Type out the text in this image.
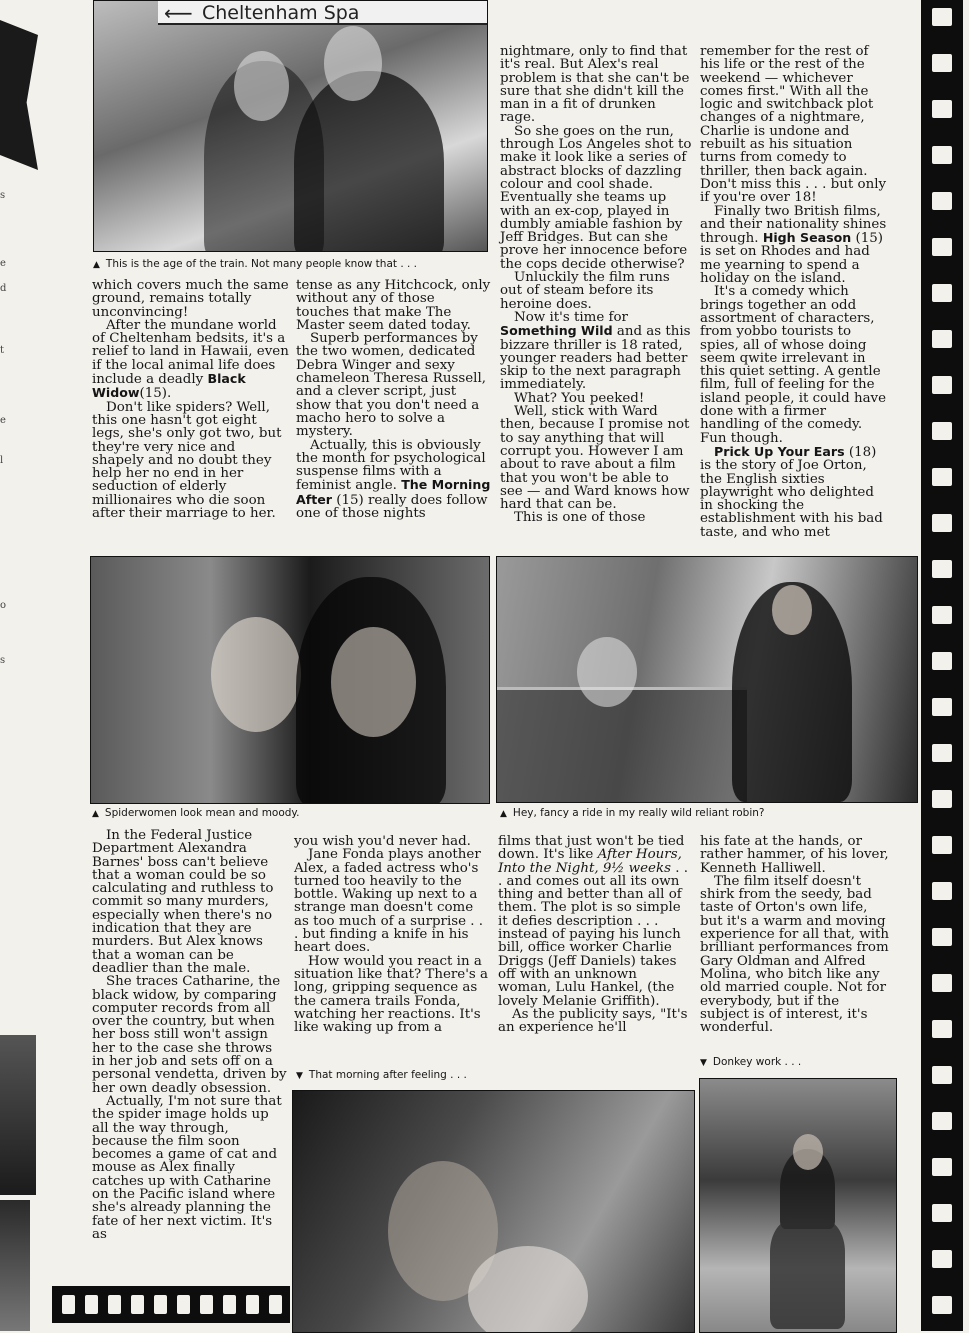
s
e
d
t
e
l
o
s
⟵ Cheltenham Spa
▲ This is the age of the train. Not many people know that . . .

which covers much the same ground, remains totally unconvincing!

After the mundane world of Cheltenham bedsits, it's a relief to land in Hawaii, even if the local animal life does include a deadly Black Widow(15).

Don't like spiders? Well, this one hasn't got eight legs, she's only got two, but they're very nice and shapely and no doubt they help her no end in her seduction of elderly millionaires who die soon after their marriage to her.

tense as any Hitchcock, only without any of those touches that make The Master seem dated today.

Superb performances by the two women, dedicated Debra Winger and sexy chameleon Theresa Russell, and a clever script, just show that you don't need a macho hero to solve a mystery.

Actually, this is obviously the month for psychological suspense films with a feminist angle. The Morning After (15) really does follow one of those nights

nightmare, only to find that it's real. But Alex's real problem is that she can't be sure that she didn't kill the man in a fit of drunken rage.

So she goes on the run, through Los Angeles shot to make it look like a series of abstract blocks of dazzling colour and cool shade. Eventually she teams up with an ex-cop, played in dumbly amiable fashion by Jeff Bridges. But can she prove her innocence before the cops decide otherwise?

Unluckily the film runs out of steam before its heroine does.

Now it's time for Something Wild and as this bizzare thriller is 18 rated, younger readers had better skip to the next paragraph immediately.

What? You peeked!

Well, stick with Ward then, because I promise not to say anything that will corrupt you. However I am about to rave about a film that you won't be able to see — and Ward knows how hard that can be.

This is one of those

remember for the rest of his life or the rest of the weekend — whichever comes first." With all the logic and switchback plot changes of a nightmare, Charlie is undone and rebuilt as his situation turns from comedy to thriller, then back again. Don't miss this . . . but only if you're over 18!

Finally two British films, and their nationality shines through. High Season (15) is set on Rhodes and had me yearning to spend a holiday on the island.

It's a comedy which brings together an odd assortment of characters, from yobbo tourists to spies, all of whose doing seem qwite irrelevant in this quiet setting. A gentle film, full of feeling for the island people, it could have done with a firmer handling of the comedy. Fun though.

Prick Up Your Ears (18) is the story of Joe Orton, the English sixties playwright who delighted in shocking the establishment with his bad taste, and who met

▲ Spiderwomen look mean and moody.	▲ Hey, fancy a ride in my really wild reliant robin?

In the Federal Justice Department Alexandra Barnes' boss can't believe that a woman could be so calculating and ruthless to commit so many murders, especially when there's no indication that they are murders. But Alex knows that a woman can be deadlier than the male.

She traces Catharine, the black widow, by comparing computer records from all over the country, but when her boss still won't assign her to the case she throws in her job and sets off on a personal vendetta, driven by her own deadly obsession.

Actually, I'm not sure that the spider image holds up all the way through, because the film soon becomes a game of cat and mouse as Alex finally catches up with Catharine on the Pacific island where she's already planning the fate of her next victim. It's as

you wish you'd never had.

Jane Fonda plays another Alex, a faded actress who's turned too heavily to the bottle. Waking up next to a strange man doesn't come as too much of a surprise . . . but finding a knife in his heart does.

How would you react in a situation like that? There's a long, gripping sequence as the camera trails Fonda, watching her reactions. It's like waking up from a

▼ That morning after feeling . . .

films that just won't be tied down. It's like After Hours, Into the Night, 9½ weeks . . . and comes out all its own thing and better than all of them. The plot is so simple it defies description . . . instead of paying his lunch bill, office worker Charlie Driggs (Jeff Daniels) takes off with an unknown woman, Lulu Hankel, (the lovely Melanie Griffith).

As the publicity says, "It's an experience he'll

his fate at the hands, or rather hammer, of his lover, Kenneth Halliwell.

The film itself doesn't shirk from the seedy, bad taste of Orton's own life, but it's a warm and moving experience for all that, with brilliant performances from Gary Oldman and Alfred Molina, who bitch like any old married couple. Not for everybody, but if the subject is of interest, it's wonderful.

▼ Donkey work . . .
